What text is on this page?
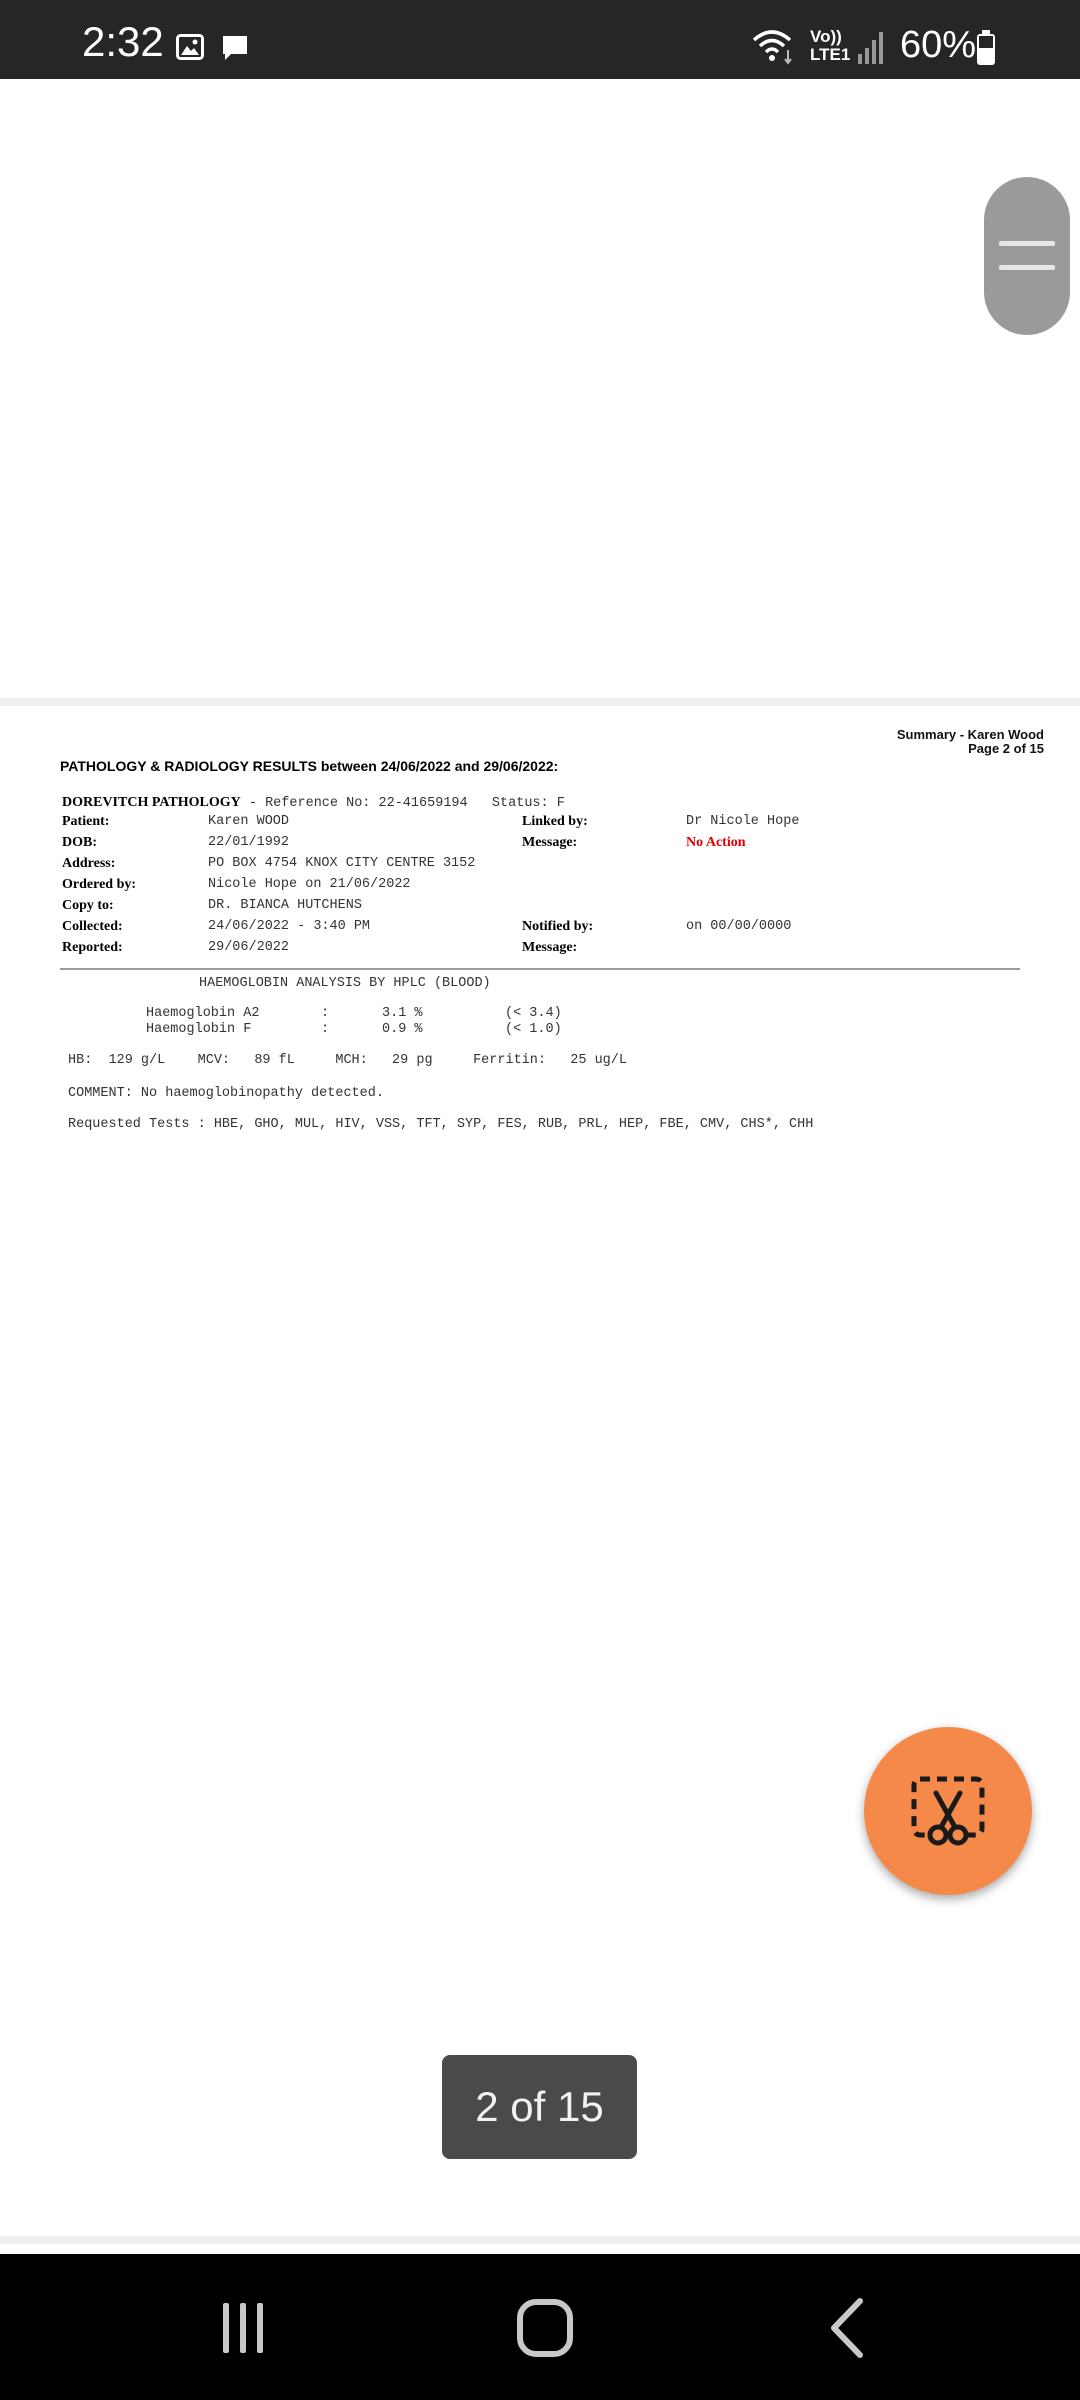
2:32	Vo))
LTE1 60%
Summary - Karen Wood
Page 2 of 15
PATHOLOGY & RADIOLOGY RESULTS between 24/06/2022 and 29/06/2022:
DOREVITCH PATHOLOGY - Reference No: 22-41659194   Status: F
Patient:	Karen WOOD
DOB:	22/01/1992
Address:	PO BOX 4754 KNOX CITY CENTRE 3152
Ordered by:	Nicole Hope on 21/06/2022
Copy to:	DR. BIANCA HUTCHENS
Collected:	24/06/2022 - 3:40 PM
Reported:	29/06/2022
Linked by:	Dr Nicole Hope
Message:	No Action
Notified by:	on 00/00/0000
Message:
HAEMOGLOBIN ANALYSIS BY HPLC (BLOOD)
Haemoglobin A2	:	3.1 %	(< 3.4)
Haemoglobin F	:	0.9 %	(< 1.0)
HB:  129 g/L    MCV:   89 fL     MCH:   29 pg     Ferritin:   25 ug/L
COMMENT: No haemoglobinopathy detected.
Requested Tests : HBE, GHO, MUL, HIV, VSS, TFT, SYP, FES, RUB, PRL, HEP, FBE, CMV, CHS*, CHH
2 of 15
